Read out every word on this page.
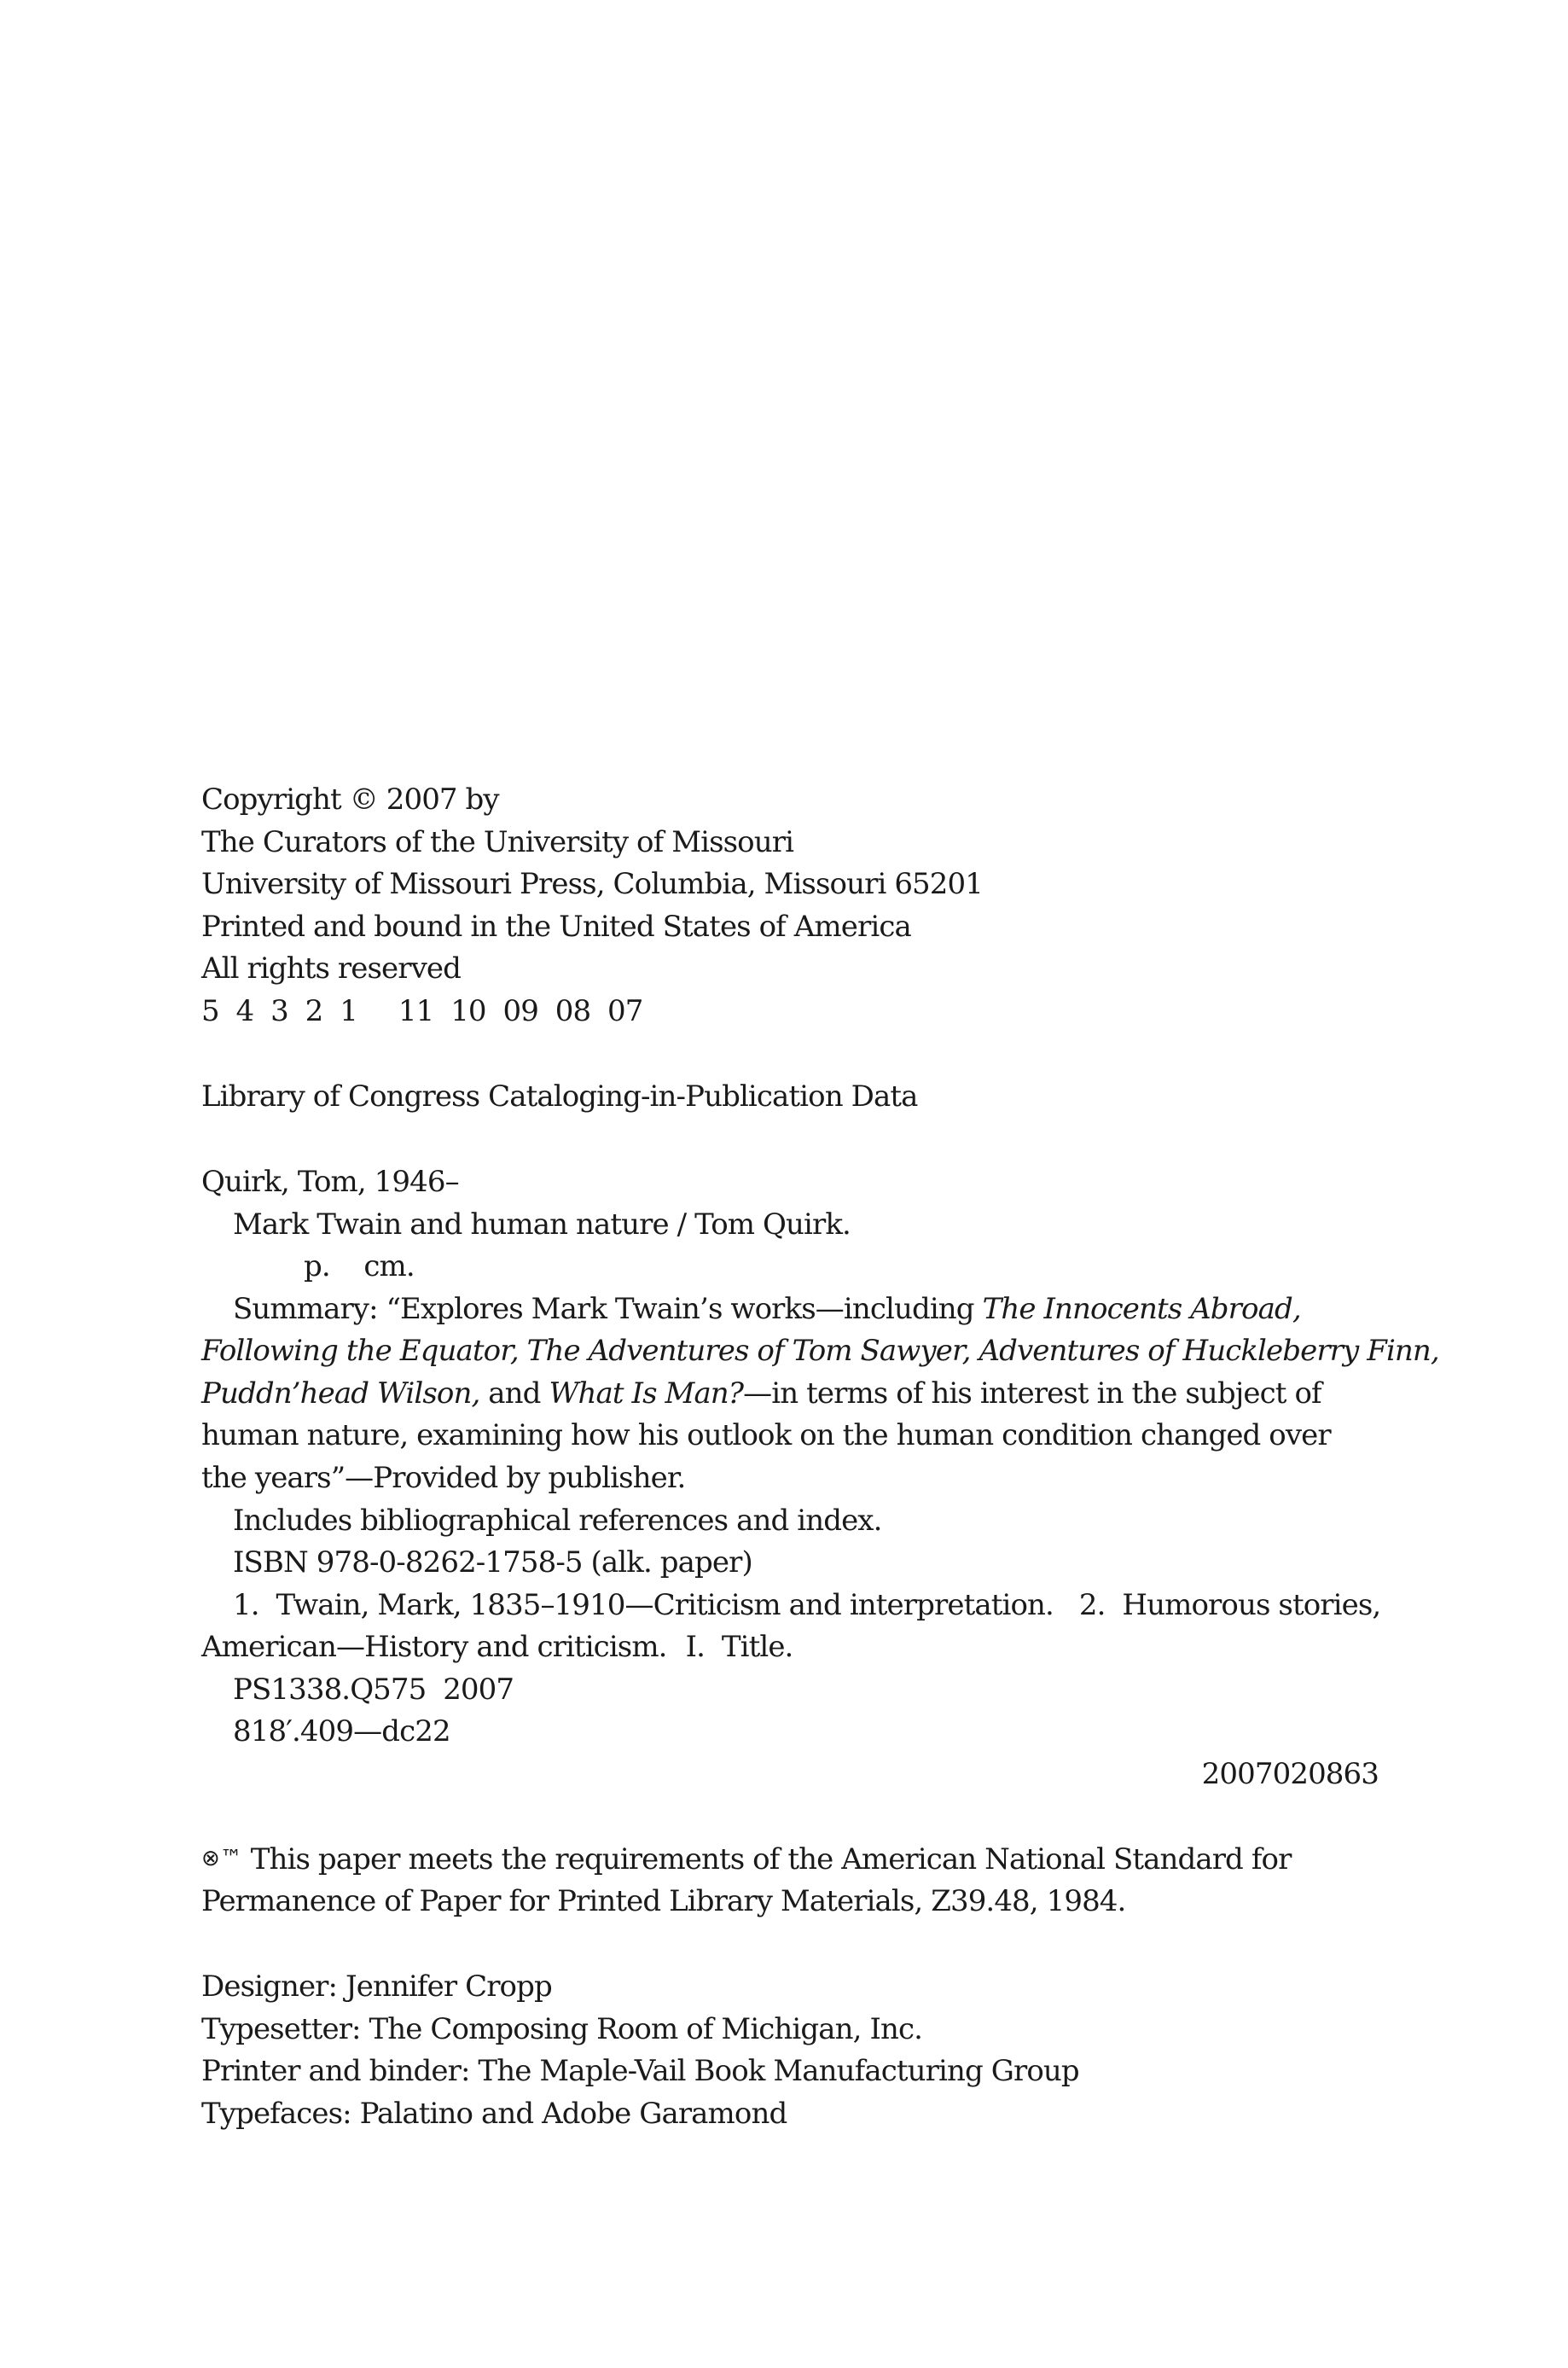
Copyright © 2007 by
The Curators of the University of Missouri
University of Missouri Press, Columbia, Missouri 65201
Printed and bound in the United States of America
All rights reserved
5  4  3  2  1 11  10  09  08  07
Library of Congress Cataloging-in-Publication Data
Quirk, Tom, 1946–
Mark Twain and human nature / Tom Quirk.
p.    cm.
Summary: “Explores Mark Twain’s works—including The Innocents Abroad,
Following the Equator, The Adventures of Tom Sawyer, Adventures of Huckleberry Finn,
Puddn’head Wilson, and What Is Man?—in terms of his interest in the subject of
human nature, examining how his outlook on the human condition changed over
the years”—Provided by publisher.
Includes bibliographical references and index.
ISBN 978-0-8262-1758-5 (alk. paper)
1.  Twain, Mark, 1835–1910—Criticism and interpretation. 2.  Humorous stories,
American—History and criticism. I.  Title.
PS1338.Q575  2007
818′.409—dc22
2007020863
⊗™ This paper meets the requirements of the American National Standard for
Permanence of Paper for Printed Library Materials, Z39.48, 1984.
Designer: Jennifer Cropp
Typesetter: The Composing Room of Michigan, Inc.
Printer and binder: The Maple-Vail Book Manufacturing Group
Typefaces: Palatino and Adobe Garamond
